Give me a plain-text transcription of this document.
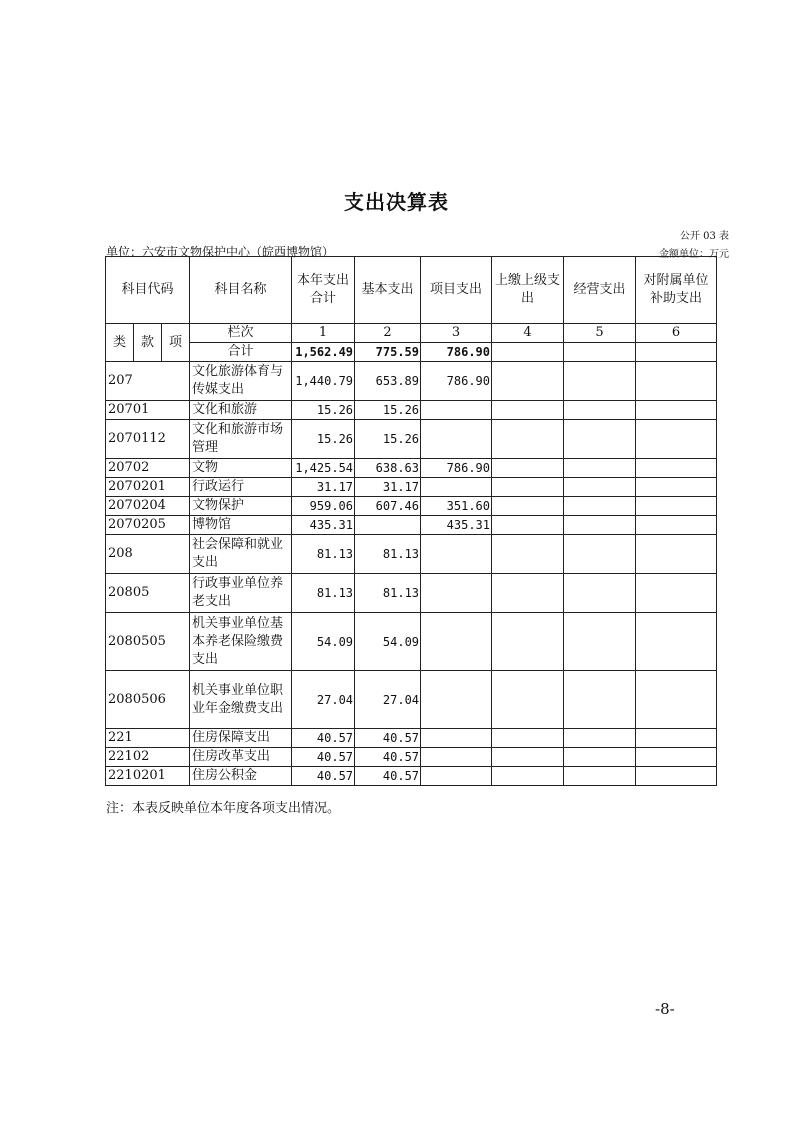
支出决算表
公开 03 表
单位：六安市文物保护中心（皖西博物馆）	金额单位：万元
科目代码			科目名称	本年支出合计	基本支出	项目支出	上缴上级支出	经营支出	对附属单位补助支出
类	款	项	栏次	1	2	3	4	5	6
			合计	1,562.49	775.59	786.90			
207			文化旅游体育与传媒支出	1,440.79	653.89	786.90			
20701			文化和旅游	15.26	15.26				
2070112			文化和旅游市场管理	15.26	15.26				
20702			文物	1,425.54	638.63	786.90			
2070201			行政运行	31.17	31.17				
2070204			文物保护	959.06	607.46	351.60			
2070205			博物馆	435.31		435.31			
208			社会保障和就业支出	81.13	81.13				
20805			行政事业单位养老支出	81.13	81.13				
2080505			机关事业单位基本养老保险缴费支出	54.09	54.09				
2080506			机关事业单位职业年金缴费支出	27.04	27.04				
221			住房保障支出	40.57	40.57				
22102			住房改革支出	40.57	40.57				
2210201			住房公积金	40.57	40.57				
注：本表反映单位本年度各项支出情况。
-8-
